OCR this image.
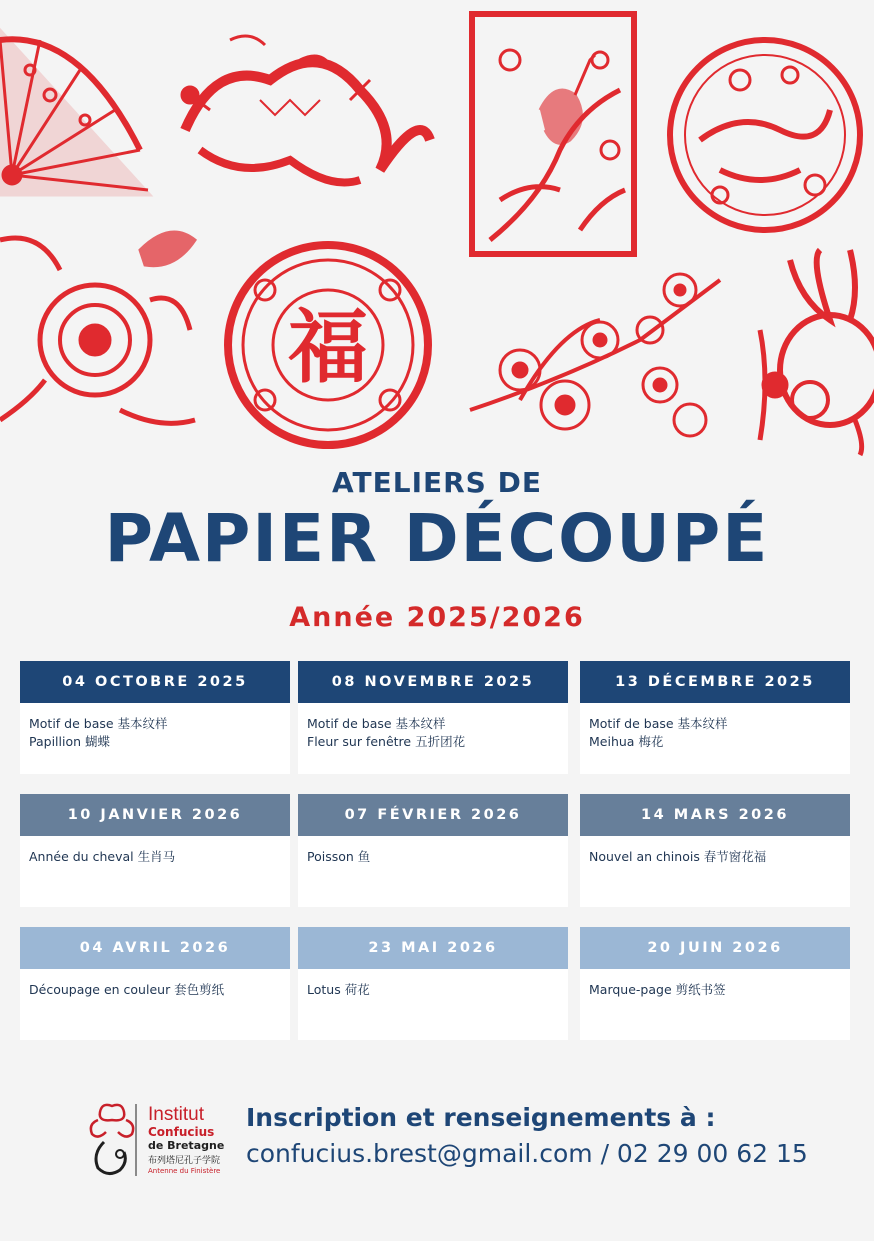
福
ATELIERS DE
PAPIER DÉCOUPÉ
Année 2025/2026
04 OCTOBRE 2025
Motif de base 基本纹样
Papillion 蝴蝶
08 NOVEMBRE 2025
Motif de base 基本纹样
Fleur sur fenêtre 五折团花
13 DÉCEMBRE 2025
Motif de base 基本纹样
Meihua 梅花
10 JANVIER 2026
Année du cheval 生肖马
07 FÉVRIER 2026
Poisson 鱼
14 MARS 2026
Nouvel an chinois 春节窗花福
04 AVRIL 2026
Découpage en couleur 套色剪纸
23 MAI 2026
Lotus 荷花
20 JUIN 2026
Marque-page 剪纸书签
Institut
Confucius
de Bretagne
布列塔尼孔子学院
Antenne du Finistère
Inscription et renseignements à :
confucius.brest@gmail.com / 02 29 00 62 15
